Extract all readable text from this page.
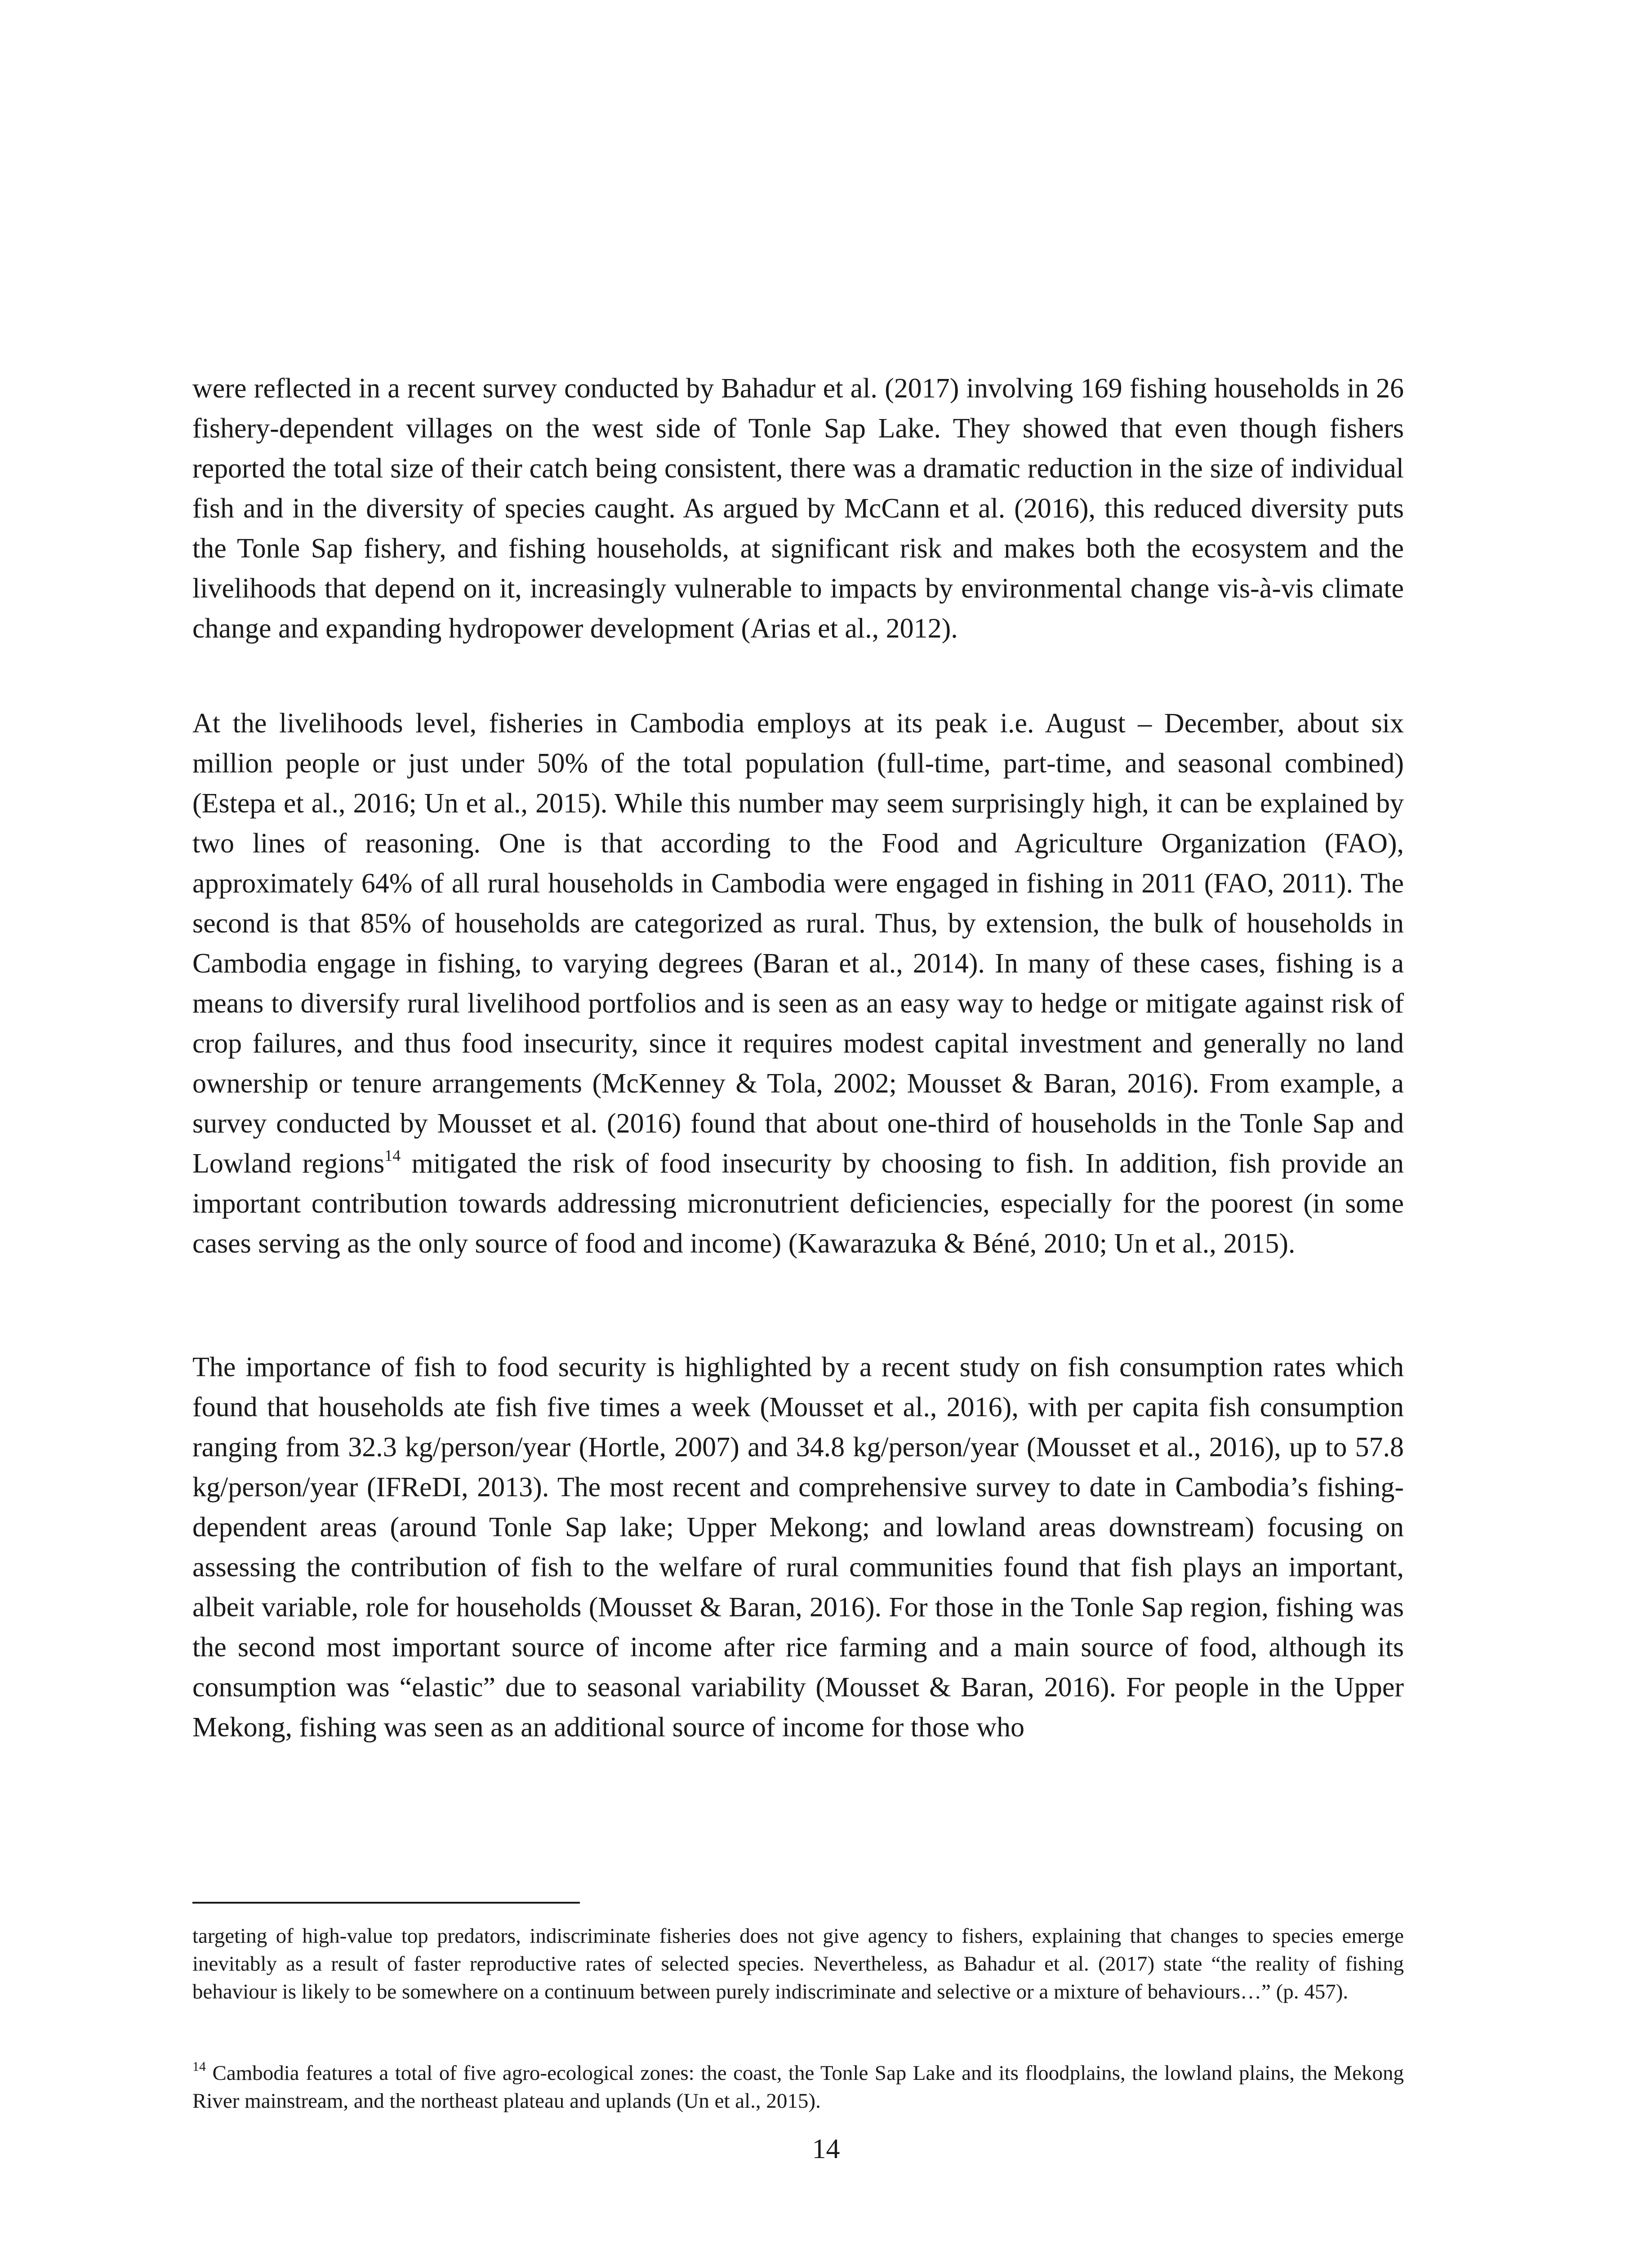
were reflected in a recent survey conducted by Bahadur et al. (2017) involving 169 fishing households in 26 fishery-dependent villages on the west side of Tonle Sap Lake. They showed that even though fishers reported the total size of their catch being consistent, there was a dramatic reduction in the size of individual fish and in the diversity of species caught. As argued by McCann et al. (2016), this reduced diversity puts the Tonle Sap fishery, and fishing households, at significant risk and makes both the ecosystem and the livelihoods that depend on it, increasingly vulnerable to impacts by environmental change vis-à-vis climate change and expanding hydropower development (Arias et al., 2012).

At the livelihoods level, fisheries in Cambodia employs at its peak i.e. August – December, about six million people or just under 50% of the total population (full-time, part-time, and seasonal combined) (Estepa et al., 2016; Un et al., 2015). While this number may seem surprisingly high, it can be explained by two lines of reasoning. One is that according to the Food and Agriculture Organization (FAO), approximately 64% of all rural households in Cambodia were engaged in fishing in 2011 (FAO, 2011). The second is that 85% of households are categorized as rural. Thus, by extension, the bulk of households in Cambodia engage in fishing, to varying degrees (Baran et al., 2014). In many of these cases, fishing is a means to diversify rural livelihood portfolios and is seen as an easy way to hedge or mitigate against risk of crop failures, and thus food insecurity, since it requires modest capital investment and generally no land ownership or tenure arrangements (McKenney & Tola, 2002; Mousset & Baran, 2016). From example, a survey conducted by Mousset et al. (2016) found that about one-third of households in the Tonle Sap and Lowland regions$^{14}$ mitigated the risk of food insecurity by choosing to fish. In addition, fish provide an important contribution towards addressing micronutrient deficiencies, especially for the poorest (in some cases serving as the only source of food and income) (Kawarazuka & Béné, 2010; Un et al., 2015).

The importance of fish to food security is highlighted by a recent study on fish consumption rates which found that households ate fish five times a week (Mousset et al., 2016), with per capita fish consumption ranging from 32.3 kg/person/year (Hortle, 2007) and 34.8 kg/person/year (Mousset et al., 2016), up to 57.8 kg/person/year (IFReDI, 2013). The most recent and comprehensive survey to date in Cambodia’s fishing-dependent areas (around Tonle Sap lake; Upper Mekong; and lowland areas downstream) focusing on assessing the contribution of fish to the welfare of rural communities found that fish plays an important, albeit variable, role for households (Mousset & Baran, 2016). For those in the Tonle Sap region, fishing was the second most important source of income after rice farming and a main source of food, although its consumption was “elastic” due to seasonal variability (Mousset & Baran, 2016). For people in the Upper Mekong, fishing was seen as an additional source of income for those who

targeting of high-value top predators, indiscriminate fisheries does not give agency to fishers, explaining that changes to species emerge inevitably as a result of faster reproductive rates of selected species. Nevertheless, as Bahadur et al. (2017) state “the reality of fishing behaviour is likely to be somewhere on a continuum between purely indiscriminate and selective or a mixture of behaviours…” (p. 457).

$^{14}$ Cambodia features a total of five agro-ecological zones: the coast, the Tonle Sap Lake and its floodplains, the lowland plains, the Mekong River mainstream, and the northeast plateau and uplands (Un et al., 2015).

14
